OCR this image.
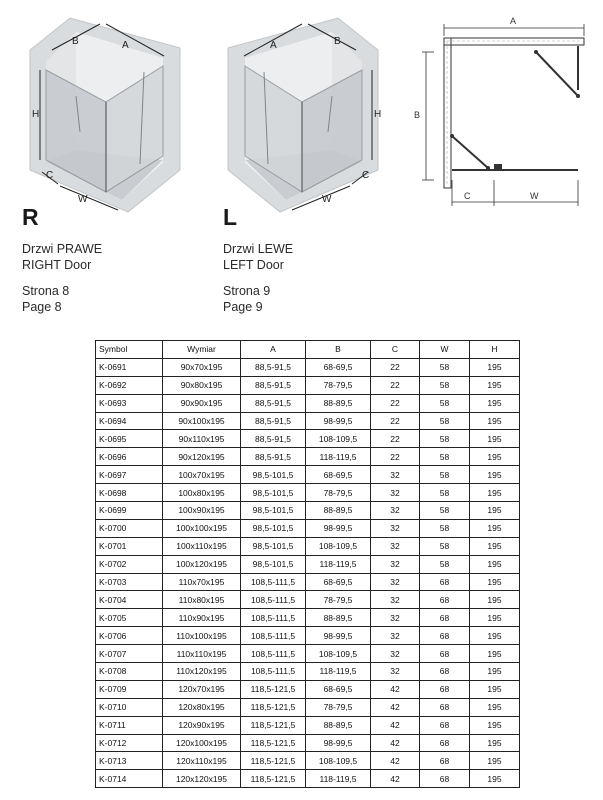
B	A
H
C
W
A	B
H
C
W

R

Drzwi PRAWE

RIGHT Door

Strona 8

Page 8

L

Drzwi LEWE

LEFT Door

Strona 9

Page 9

A
B
C	W
Symbol	Wymiar	A	B	C	W	H
K-0691	90x70x195	88,5-91,5	68-69,5	22	58	195
K-0692	90x80x195	88,5-91,5	78-79,5	22	58	195
K-0693	90x90x195	88,5-91,5	88-89,5	22	58	195
K-0694	90x100x195	88,5-91,5	98-99,5	22	58	195
K-0695	90x110x195	88,5-91,5	108-109,5	22	58	195
K-0696	90x120x195	88,5-91,5	118-119,5	22	58	195
K-0697	100x70x195	98,5-101,5	68-69,5	32	58	195
K-0698	100x80x195	98,5-101,5	78-79,5	32	58	195
K-0699	100x90x195	98,5-101,5	88-89,5	32	58	195
K-0700	100x100x195	98,5-101,5	98-99,5	32	58	195
K-0701	100x110x195	98,5-101,5	108-109,5	32	58	195
K-0702	100x120x195	98,5-101,5	118-119,5	32	58	195
K-0703	110x70x195	108,5-111,5	68-69,5	32	68	195
K-0704	110x80x195	108,5-111,5	78-79,5	32	68	195
K-0705	110x90x195	108,5-111,5	88-89,5	32	68	195
K-0706	110x100x195	108,5-111,5	98-99,5	32	68	195
K-0707	110x110x195	108,5-111,5	108-109,5	32	68	195
K-0708	110x120x195	108,5-111,5	118-119,5	32	68	195
K-0709	120x70x195	118,5-121,5	68-69,5	42	68	195
K-0710	120x80x195	118,5-121,5	78-79,5	42	68	195
K-0711	120x90x195	118,5-121,5	88-89,5	42	68	195
K-0712	120x100x195	118,5-121,5	98-99,5	42	68	195
K-0713	120x110x195	118,5-121,5	108-109,5	42	68	195
K-0714	120x120x195	118,5-121,5	118-119,5	42	68	195
